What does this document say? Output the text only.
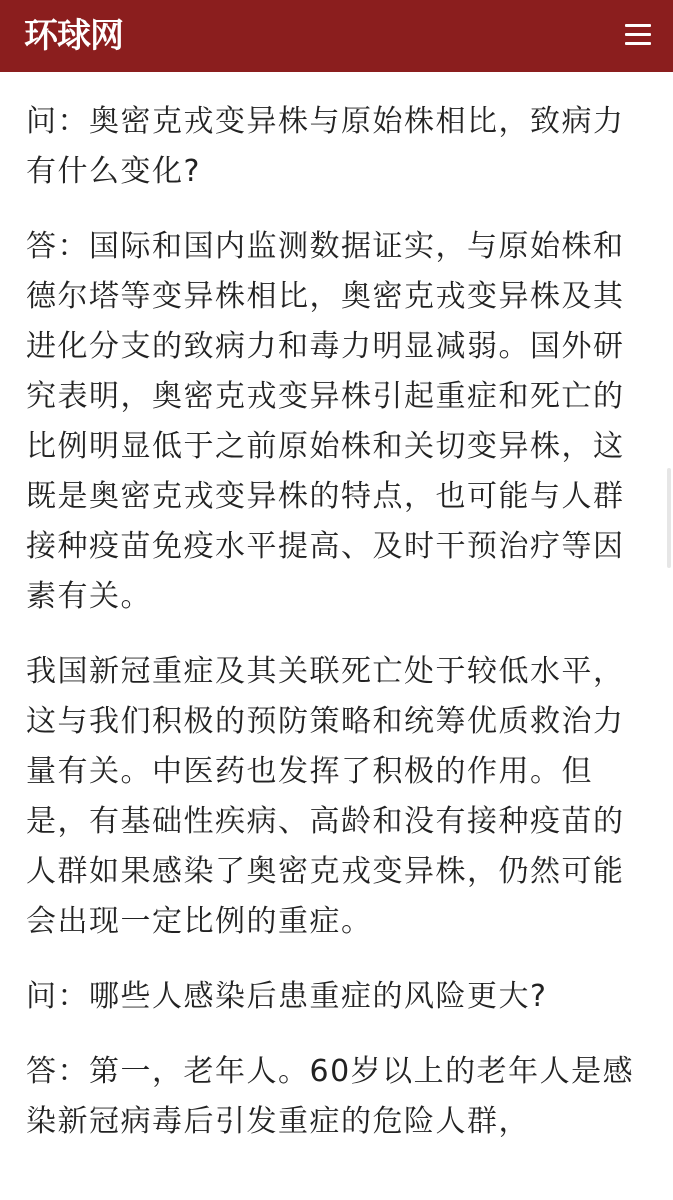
环球网

问：奥密克戎变异株与原始株相比，致病力有什么变化?

答：国际和国内监测数据证实，与原始株和德尔塔等变异株相比，奥密克戎变异株及其进化分支的致病力和毒力明显减弱。国外研究表明，奥密克戎变异株引起重症和死亡的比例明显低于之前原始株和关切变异株，这既是奥密克戎变异株的特点，也可能与人群接种疫苗免疫水平提高、及时干预治疗等因素有关。

我国新冠重症及其关联死亡处于较低水平，这与我们积极的预防策略和统筹优质救治力量有关。中医药也发挥了积极的作用。但是，有基础性疾病、高龄和没有接种疫苗的人群如果感染了奥密克戎变异株，仍然可能会出现一定比例的重症。

问：哪些人感染后患重症的风险更大?

答：第一，老年人。60岁以上的老年人是感染新冠病毒后引发重症的危险人群，
